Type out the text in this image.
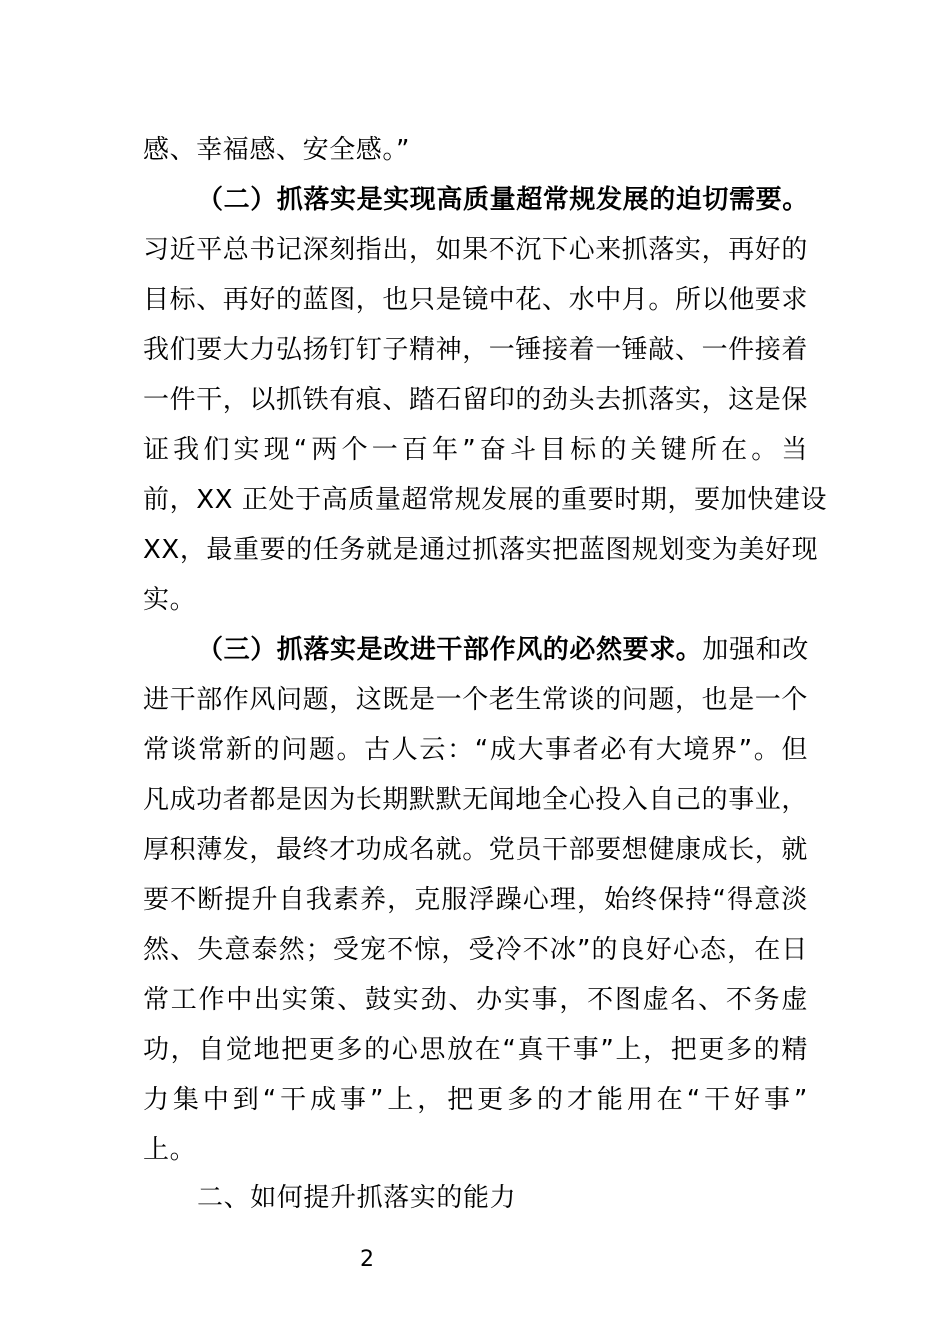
感、幸福感、安全感。”
（二）抓落实是实现高质量超常规发展的迫切需要。
习近平总书记深刻指出，如果不沉下心来抓落实，再好的
目标、再好的蓝图，也只是镜中花、水中月。所以他要求
我们要大力弘扬钉钉子精神，一锤接着一锤敲、一件接着
一件干，以抓铁有痕、踏石留印的劲头去抓落实，这是保
证我们实现“两个一百年”奋斗目标的关键所在。当
前，XX 正处于高质量超常规发展的重要时期，要加快建设
XX，最重要的任务就是通过抓落实把蓝图规划变为美好现
实。
（三）抓落实是改进干部作风的必然要求。加强和改
进干部作风问题，这既是一个老生常谈的问题，也是一个
常谈常新的问题。古人云：“成大事者必有大境界”。但
凡成功者都是因为长期默默无闻地全心投入自己的事业，
厚积薄发，最终才功成名就。党员干部要想健康成长，就
要不断提升自我素养，克服浮躁心理，始终保持“得意淡
然、失意泰然；受宠不惊，受冷不冰”的良好心态，在日
常工作中出实策、鼓实劲、办实事，不图虚名、不务虚
功，自觉地把更多的心思放在“真干事”上，把更多的精
力集中到“干成事”上，把更多的才能用在“干好事”
上。
二、如何提升抓落实的能力
2
